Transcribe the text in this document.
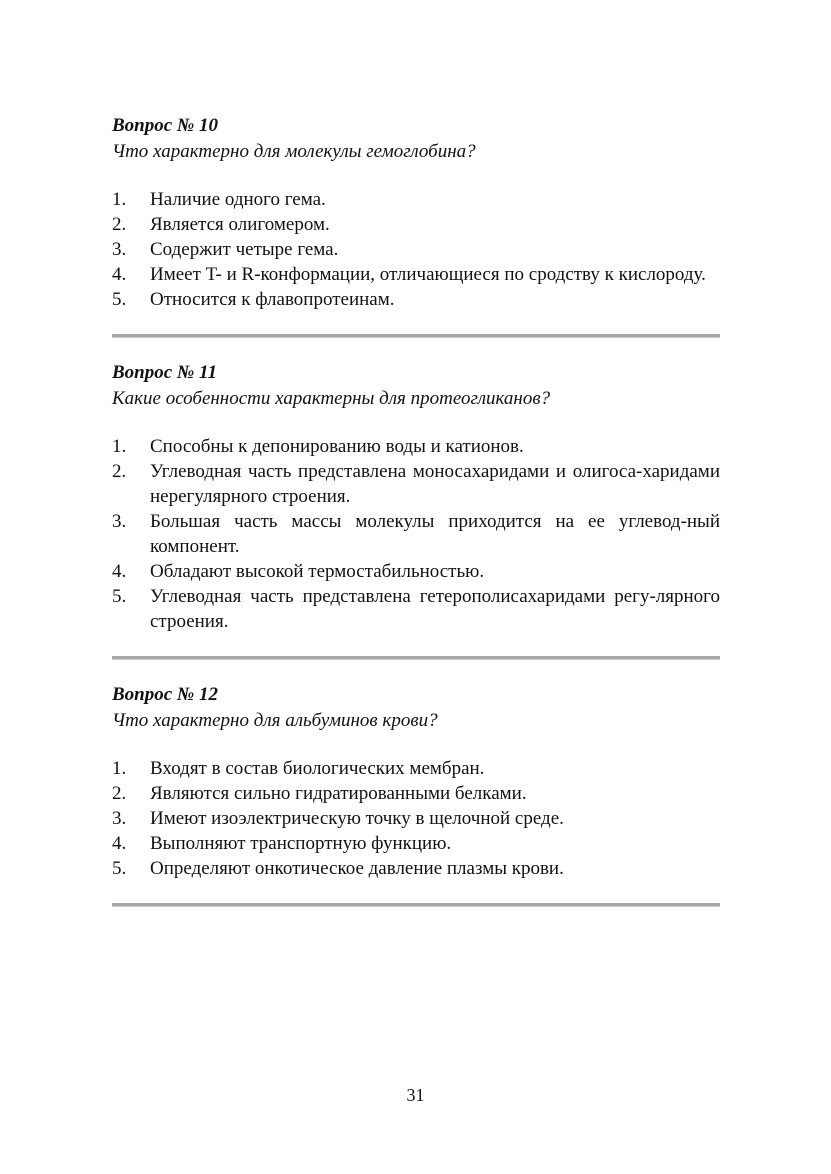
Вопрос № 10

Что характерно для молекулы гемоглобина?

1. Наличие одного гема.
2. Является олигомером.
3. Содержит четыре гема.
4. Имеет T- и R-конформации, отличающиеся по сродству к кислороду.
5. Относится к флавопротеинам.

Вопрос № 11

Какие особенности характерны для протеогликанов?

1. Способны к депонированию воды и катионов.
2. Углеводная часть представлена моносахаридами и олигоса-харидами нерегулярного строения.
3. Большая часть массы молекулы приходится на ее углевод-ный компонент.
4. Обладают высокой термостабильностью.
5. Углеводная часть представлена гетерополисахаридами регу-лярного строения.

Вопрос № 12

Что характерно для альбуминов крови?

1. Входят в состав биологических мембран.
2. Являются сильно гидратированными белками.
3. Имеют изоэлектрическую точку в щелочной среде.
4. Выполняют транспортную функцию.
5. Определяют онкотическое давление плазмы крови.
31
